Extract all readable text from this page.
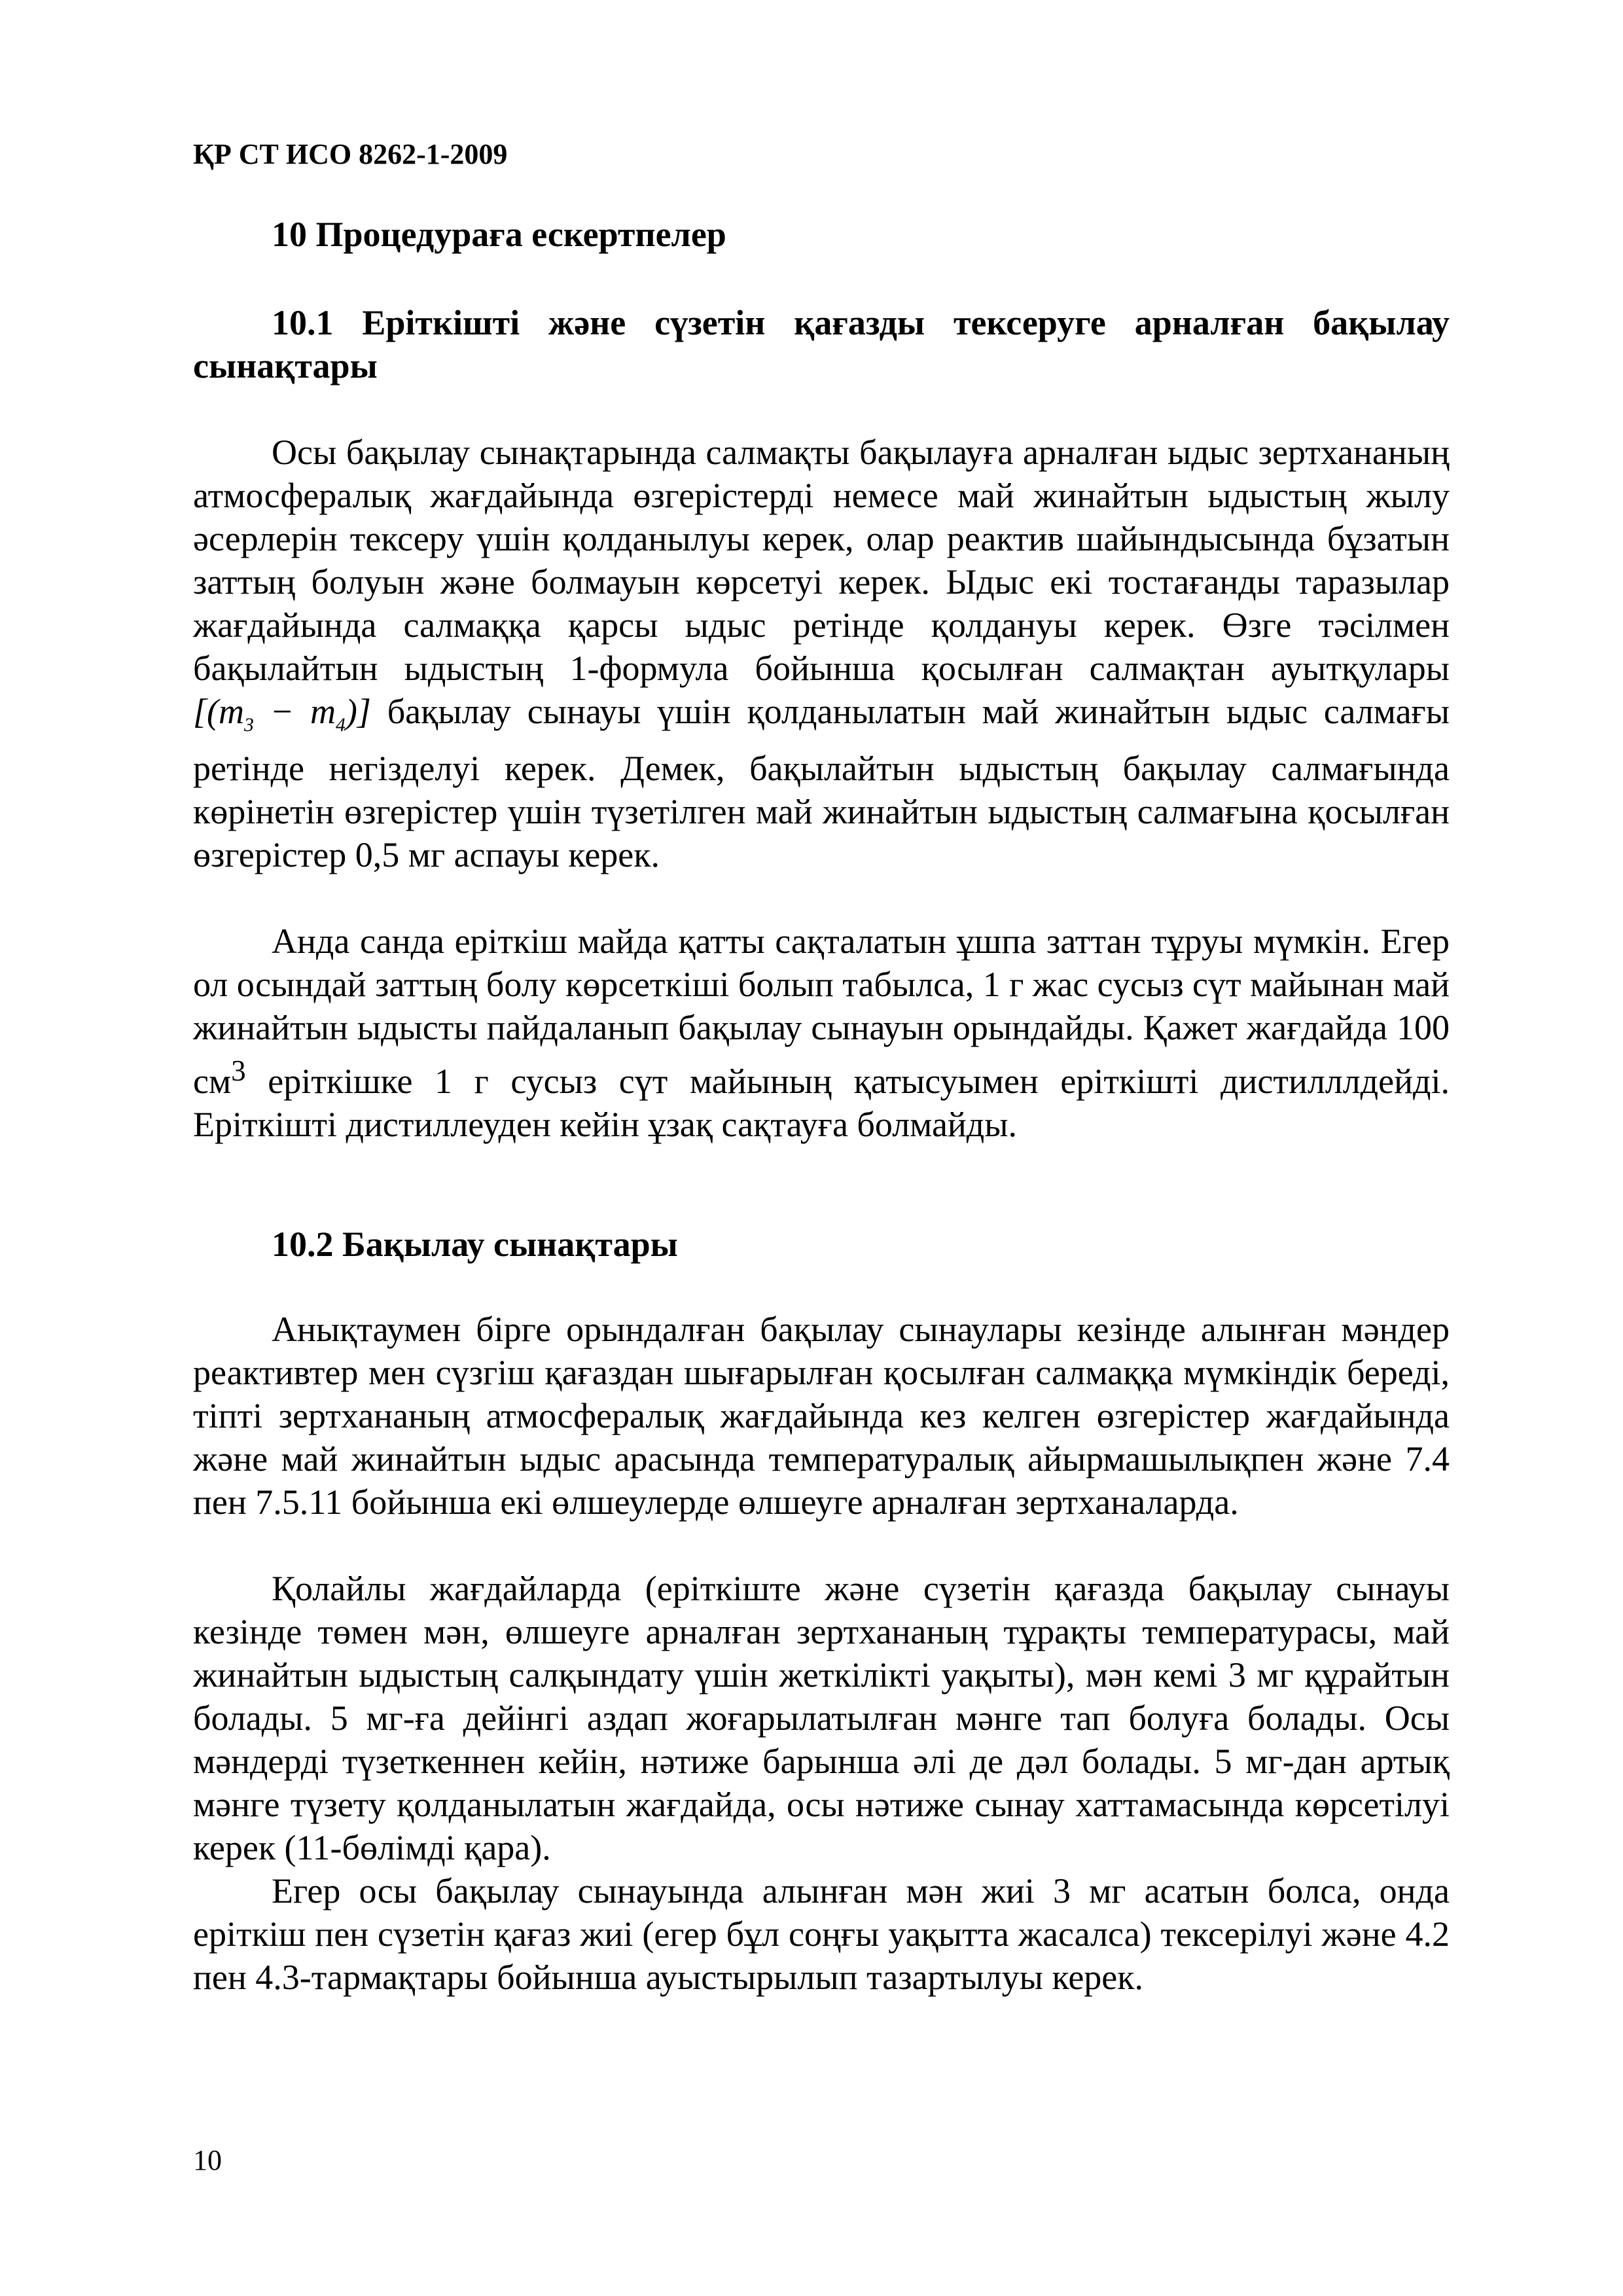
ҚР СТ ИСО 8262-1-2009
10 Процедураға ескертпелер
10.1 Еріткішті және сүзетін қағазды тексеруге арналған бақылау сынақтары

Осы бақылау сынақтарында салмақты бақылауға арналған ыдыс зертхананың атмосфералық жағдайында өзгерістерді немесе май жинайтын ыдыстың жылу әсерлерін тексеру үшін қолданылуы керек, олар реактив шайындысында бұзатын заттың болуын және болмауын көрсетуі керек. Ыдыс екі тостағанды таразылар жағдайында салмаққа қарсы ыдыс ретінде қолдануы керек. Өзге тәсілмен бақылайтын ыдыстың 1-формула бойынша қосылған салмақтан ауытқулары $[(m_3 - m_4)]$ бақылау сынауы үшін қолданылатын май жинайтын ыдыс салмағы ретінде негізделуі керек. Демек, бақылайтын ыдыстың бақылау салмағында көрінетін өзгерістер үшін түзетілген май жинайтын ыдыстың салмағына қосылған өзгерістер 0,5 мг аспауы керек.

Анда санда еріткіш майда қатты сақталатын ұшпа заттан тұруы мүмкін. Егер ол осындай заттың болу көрсеткіші болып табылса, 1 г жас сусыз сүт майынан май жинайтын ыдысты пайдаланып бақылау сынауын орындайды. Қажет жағдайда 100 $см^3$ еріткішке 1 г сусыз сүт майының қатысуымен еріткішті дистилллдейді. Еріткішті дистиллеуден кейін ұзақ сақтауға болмайды.

10.2 Бақылау сынақтары

Анықтаумен бірге орындалған бақылау сынаулары кезінде алынған мәндер реактивтер мен сүзгіш қағаздан шығарылған қосылған салмаққа мүмкіндік береді, тіпті зертхананың атмосфералық жағдайында кез келген өзгерістер жағдайында және май жинайтын ыдыс арасында температуралық айырмашылықпен және 7.4 пен 7.5.11 бойынша екі өлшеулерде өлшеуге арналған зертханаларда.

Қолайлы жағдайларда (еріткіште және сүзетін қағазда бақылау сынауы кезінде төмен мән, өлшеуге арналған зертхананың тұрақты температурасы, май жинайтын ыдыстың салқындату үшін жеткілікті уақыты), мән кемі 3 мг құрайтын болады. 5 мг-ға дейінгі аздап жоғарылатылған мәнге тап болуға болады. Осы мәндерді түзеткеннен кейін, нәтиже барынша әлі де дәл болады. 5 мг-дан артық мәнге түзету қолданылатын жағдайда, осы нәтиже сынау хаттамасында көрсетілуі керек (11-бөлімді қара).

Егер осы бақылау сынауында алынған мән жиі 3 мг асатын болса, онда еріткіш пен сүзетін қағаз жиі (егер бұл соңғы уақытта жасалса) тексерілуі және 4.2 пен 4.3-тармақтары бойынша ауыстырылып тазартылуы керек.

10
